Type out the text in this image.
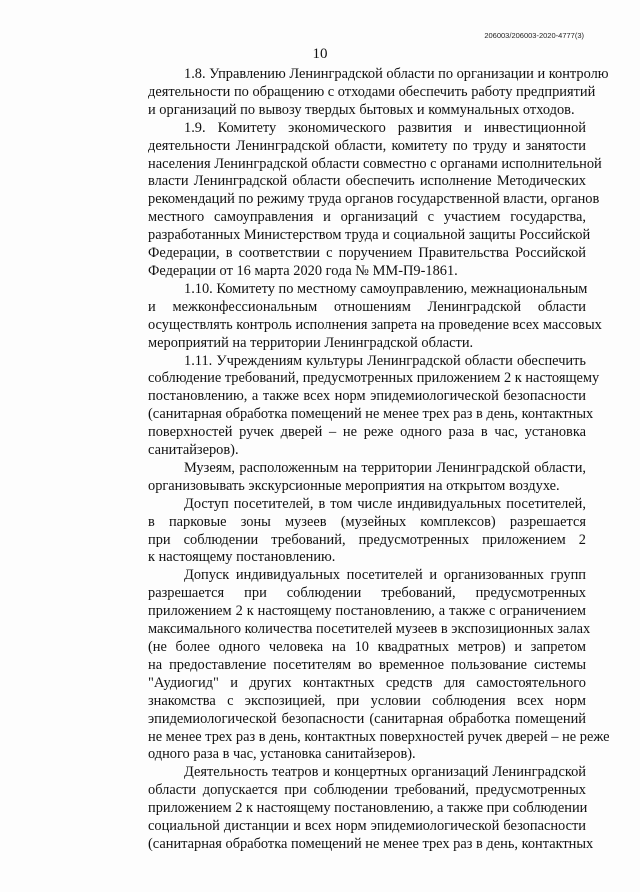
206003/206003-2020-4777(3)
10
1.8. Управлению Ленинградской области по организации и контролю
деятельности по обращению с отходами обеспечить работу предприятий
и организаций по вывозу твердых бытовых и коммунальных отходов.
1.9. Комитету экономического развития и инвестиционной
деятельности Ленинградской области, комитету по труду и занятости
населения Ленинградской области совместно с органами исполнительной
власти Ленинградской области обеспечить исполнение Методических
рекомендаций по режиму труда органов государственной власти, органов
местного самоуправления и организаций с участием государства,
разработанных Министерством труда и социальной защиты Российской
Федерации, в соответствии с поручением Правительства Российской
Федерации от 16 марта 2020 года № ММ-П9-1861.
1.10. Комитету по местному самоуправлению, межнациональным
и межконфессиональным отношениям Ленинградской области
осуществлять контроль исполнения запрета на проведение всех массовых
мероприятий на территории Ленинградской области.
1.11. Учреждениям культуры Ленинградской области обеспечить
соблюдение требований, предусмотренных приложением 2 к настоящему
постановлению, а также всех норм эпидемиологической безопасности
(санитарная обработка помещений не менее трех раз в день, контактных
поверхностей ручек дверей – не реже одного раза в час, установка
санитайзеров).
Музеям, расположенным на территории Ленинградской области,
организовывать экскурсионные мероприятия на открытом воздухе.
Доступ посетителей, в том числе индивидуальных посетителей,
в парковые зоны музеев (музейных комплексов) разрешается
при соблюдении требований, предусмотренных приложением 2
к настоящему постановлению.
Допуск индивидуальных посетителей и организованных групп
разрешается при соблюдении требований, предусмотренных
приложением 2 к настоящему постановлению, а также с ограничением
максимального количества посетителей музеев в экспозиционных залах
(не более одного человека на 10 квадратных метров) и запретом
на предоставление посетителям во временное пользование системы
"Аудиогид" и других контактных средств для самостоятельного
знакомства с экспозицией, при условии соблюдения всех норм
эпидемиологической безопасности (санитарная обработка помещений
не менее трех раз в день, контактных поверхностей ручек дверей – не реже
одного раза в час, установка санитайзеров).
Деятельность театров и концертных организаций Ленинградской
области допускается при соблюдении требований, предусмотренных
приложением 2 к настоящему постановлению, а также при соблюдении
социальной дистанции и всех норм эпидемиологической безопасности
(санитарная обработка помещений не менее трех раз в день, контактных
